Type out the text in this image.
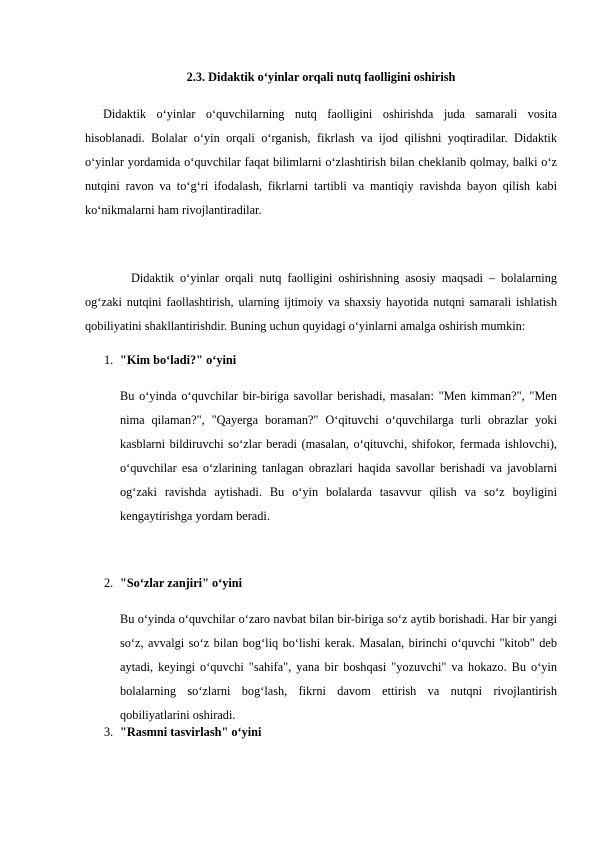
2.3. Didaktik o‘yinlar orqali nutq faolligini oshirish

Didaktik o‘yinlar o‘quvchilarning nutq faolligini oshirishda juda samarali vosita hisoblanadi. Bolalar o‘yin orqali o‘rganish, fikrlash va ijod qilishni yoqtiradilar. Didaktik o‘yinlar yordamida o‘quvchilar faqat bilimlarni o‘zlashtirish bilan cheklanib qolmay, balki o‘z nutqini ravon va to‘g‘ri ifodalash, fikrlarni tartibli va mantiqiy ravishda bayon qilish kabi ko‘nikmalarni ham rivojlantiradilar.

Didaktik o‘yinlar orqali nutq faolligini oshirishning asosiy maqsadi – bolalarning og‘zaki nutqini faollashtirish, ularning ijtimoiy va shaxsiy hayotida nutqni samarali ishlatish qobiliyatini shakllantirishdir. Buning uchun quyidagi o‘yinlarni amalga oshirish mumkin:

1. "Kim bo‘ladi?" o‘yini

Bu o‘yinda o‘quvchilar bir-biriga savollar berishadi, masalan: "Men kimman?", "Men nima qilaman?", "Qayerga boraman?" O‘qituvchi o‘quvchilarga turli obrazlar yoki kasblarni bildiruvchi so‘zlar beradi (masalan, o‘qituvchi, shifokor, fermada ishlovchi), o‘quvchilar esa o‘zlarining tanlagan obrazlari haqida savollar berishadi va javoblarni og‘zaki ravishda aytishadi. Bu o‘yin bolalarda tasavvur qilish va so‘z boyligini kengaytirishga yordam beradi.

2. "So‘zlar zanjiri" o‘yini

Bu o‘yinda o‘quvchilar o‘zaro navbat bilan bir-biriga so‘z aytib borishadi. Har bir yangi so‘z, avvalgi so‘z bilan bog‘liq bo‘lishi kerak. Masalan, birinchi o‘quvchi "kitob" deb aytadi, keyingi o‘quvchi "sahifa", yana bir boshqasi "yozuvchi" va hokazo. Bu o‘yin bolalarning so‘zlarni bog‘lash, fikrni davom ettirish va nutqni rivojlantirish qobiliyatlarini oshiradi.

3. "Rasmni tasvirlash" o‘yini
